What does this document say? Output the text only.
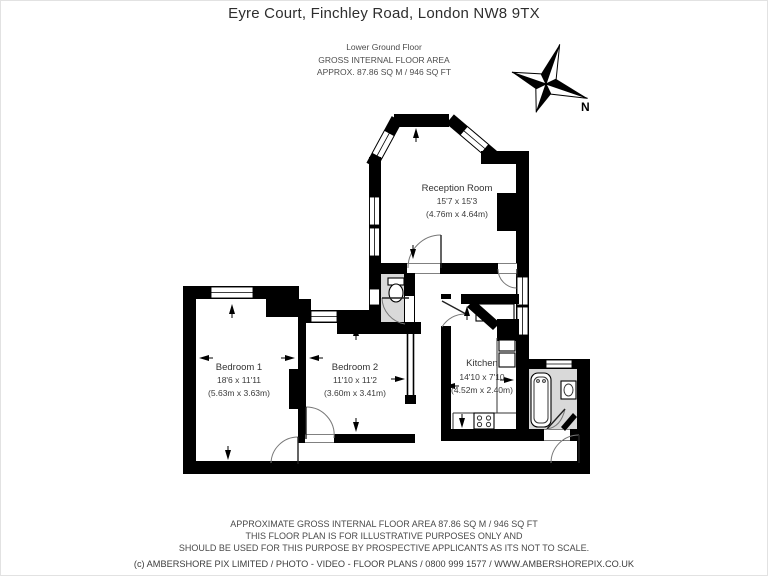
Eyre Court, Finchley Road, London NW8 9TX
Lower Ground Floor
GROSS INTERNAL FLOOR AREA
APPROX. 87.86 SQ M / 946 SQ FT
N
Reception Room
15'7 x 15'3
(4.76m x 4.64m)
Bedroom 1
18'6 x 11'11
(5.63m x 3.63m)
Bedroom 2
11'10 x 11'2
(3.60m x 3.41m)
Kitchen
14'10 x 7'10
(4.52m x 2.40m)
APPROXIMATE GROSS INTERNAL FLOOR AREA 87.86 SQ M / 946 SQ FT
THIS FLOOR PLAN IS FOR ILLUSTRATIVE PURPOSES ONLY AND
SHOULD BE USED FOR THIS PURPOSE BY PROSPECTIVE APPLICANTS AS ITS NOT TO SCALE.
(c) AMBERSHORE PIX LIMITED / PHOTO - VIDEO - FLOOR PLANS / 0800 999 1577 / WWW.AMBERSHOREPIX.CO.UK
